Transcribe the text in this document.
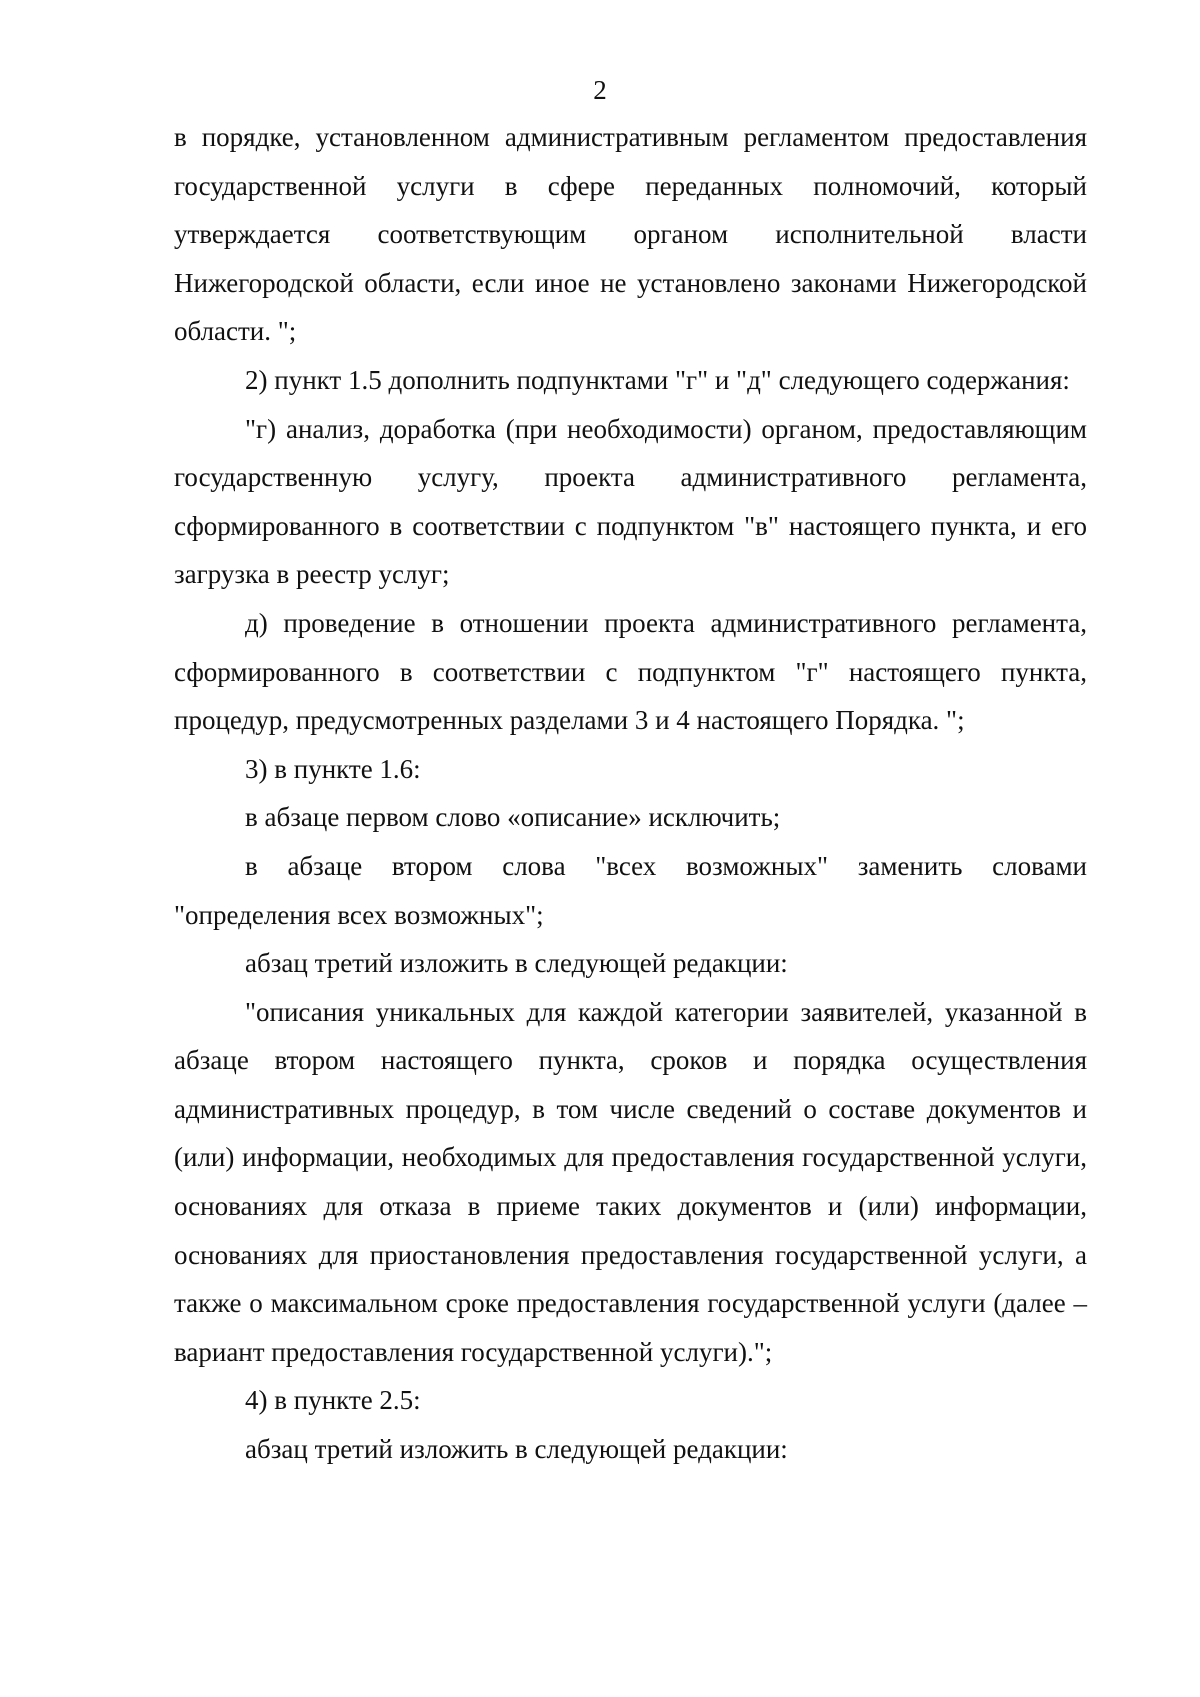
2

в порядке, установленном административным регламентом предоставления государственной услуги в сфере переданных полномочий, который утверждается соответствующим органом исполнительной власти Нижегородской области, если иное не установлено законами Нижегородской области. ";

2) пункт 1.5 дополнить подпунктами "г" и "д" следующего содержания:

"г) анализ, доработка (при необходимости) органом, предоставляющим государственную услугу, проекта административного регламента, сформированного в соответствии с подпунктом "в" настоящего пункта, и его загрузка в реестр услуг;

д) проведение в отношении проекта административного регламента, сформированного в соответствии с подпунктом "г" настоящего пункта, процедур, предусмотренных разделами 3 и 4 настоящего Порядка. ";

3) в пункте 1.6:

в абзаце первом слово «описание» исключить;

в абзаце втором слова "всех возможных" заменить словами "определения всех возможных";

абзац третий изложить в следующей редакции:

"описания уникальных для каждой категории заявителей, указанной в абзаце втором настоящего пункта, сроков и порядка осуществления административных процедур, в том числе сведений о составе документов и (или) информации, необходимых для предоставления государственной услуги, основаниях для отказа в приеме таких документов и (или) информации, основаниях для приостановления предоставления государственной услуги, а также о максимальном сроке предоставления государственной услуги (далее – вариант предоставления государственной услуги).";

4) в пункте 2.5:

абзац третий изложить в следующей редакции:
